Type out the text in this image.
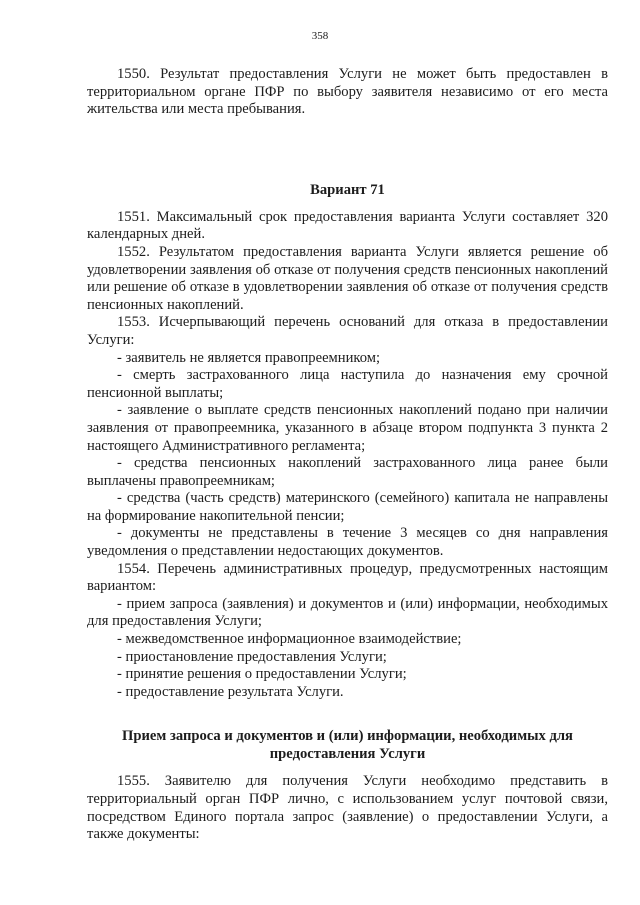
358

1550. Результат предоставления Услуги не может быть предоставлен в территориальном органе ПФР по выбору заявителя независимо от его места жительства или места пребывания.

Вариант 71

1551. Максимальный срок предоставления варианта Услуги составляет 320 календарных дней.

1552. Результатом предоставления варианта Услуги является решение об удовлетворении заявления об отказе от получения средств пенсионных накоплений или решение об отказе в удовлетворении заявления об отказе от получения средств пенсионных накоплений.

1553. Исчерпывающий перечень оснований для отказа в предоставлении Услуги:

- заявитель не является правопреемником;

- смерть застрахованного лица наступила до назначения ему срочной пенсионной выплаты;

- заявление о выплате средств пенсионных накоплений подано при наличии заявления от правопреемника, указанного в абзаце втором подпункта 3 пункта 2 настоящего Административного регламента;

- средства пенсионных накоплений застрахованного лица ранее были выплачены правопреемникам;

- средства (часть средств) материнского (семейного) капитала не направлены на формирование накопительной пенсии;

- документы не представлены в течение 3 месяцев со дня направления уведомления о представлении недостающих документов.

1554. Перечень административных процедур, предусмотренных настоящим вариантом:

- прием запроса (заявления) и документов и (или) информации, необходимых для предоставления Услуги;

- межведомственное информационное взаимодействие;

- приостановление предоставления Услуги;

- принятие решения о предоставлении Услуги;

- предоставление результата Услуги.

Прием запроса и документов и (или) информации, необходимых для предоставления Услуги

1555. Заявителю для получения Услуги необходимо представить в территориальный орган ПФР лично, с использованием услуг почтовой связи, посредством Единого портала запрос (заявление) о предоставлении Услуги, а также документы:
